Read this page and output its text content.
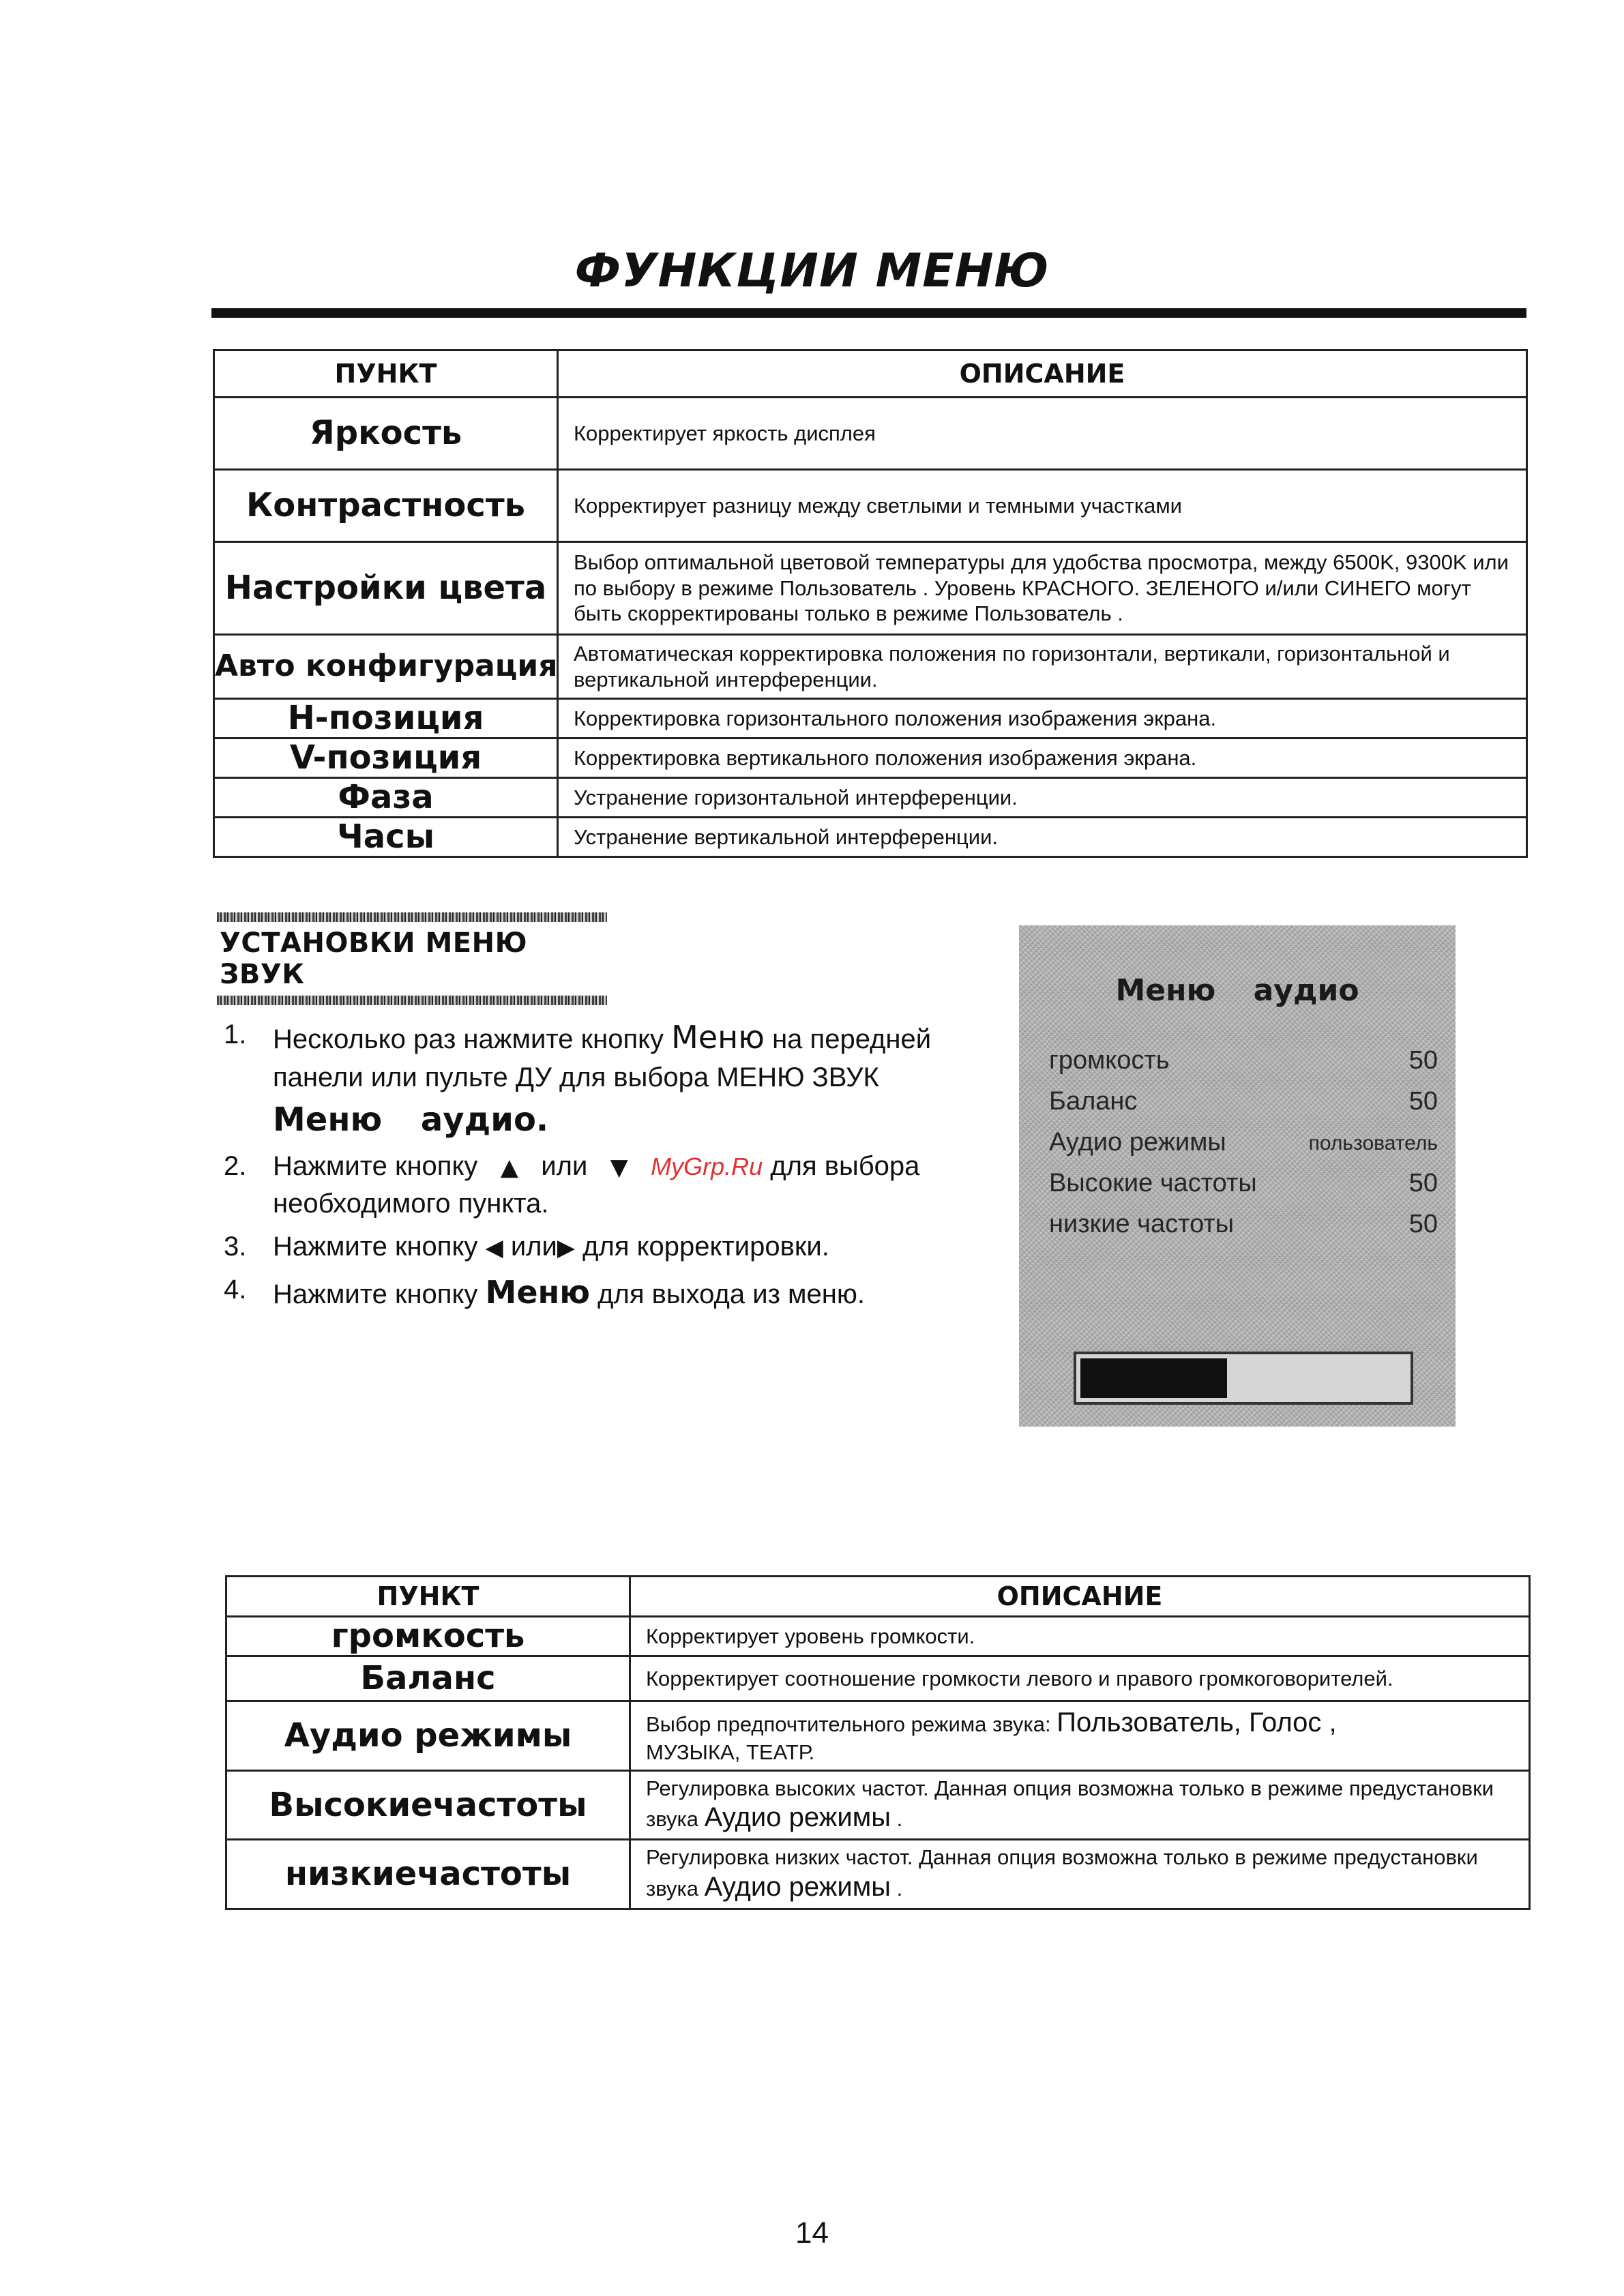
ФУНКЦИИ МЕНЮ
ПУНКТ	ОПИСАНИЕ
Яркость	Корректирует яркость дисплея
Контрастность	Корректирует разницу между светлыми и темными участками
Настройки цвета	Выбор оптимальной цветовой температуры для удобства просмотра, между 6500K, 9300K или по выбору в режиме Пользователь . Уровень КРАСНОГО. ЗЕЛЕНОГО и/или СИНЕГО могут быть скорректированы только в режиме Пользователь .
Авто конфигурация	Автоматическая корректировка положения по горизонтали, вертикали, горизонтальной и вертикальной интерференции.
H-позиция	Корректировка горизонтального положения изображения экрана.
V-позиция	Корректировка вертикального положения изображения экрана.
Фаза	Устранение горизонтальной интерференции.
Часы	Устранение вертикальной интерференции.
УСТАНОВКИ МЕНЮ ЗВУК
1. Несколько раз нажмите кнопку Меню на передней панели или пульте ДУ для выбора МЕНЮ ЗВУК
Меню аудио.
2. Нажмите кнопку ▲ или ▼ MyGrp.Ru для выбора
необходимого пункта.
3. Нажмите кнопку ◀ или▶ для корректировки.
4. Нажмите кнопку Меню для выхода из меню.
Меню аудио
громкость	50
Баланс	50
Аудио режимы	пользователь
Высокие частоты	50
низкие частоты	50
ПУНКТ	ОПИСАНИЕ
громкость	Корректирует уровень громкости.
Баланс	Корректирует соотношение громкости левого и правого громкоговорителей.
Аудио режимы	Выбор предпочтительного режима звука: Пользователь, Голос ,
МУЗЫКА, ТЕАТР.
Высокиечастоты	Регулировка высоких частот. Данная опция возможна только в режиме предустановки звука Аудио режимы .
низкиечастоты	Регулировка низких частот. Данная опция возможна только в режиме предустановки звука Аудио режимы .
14
